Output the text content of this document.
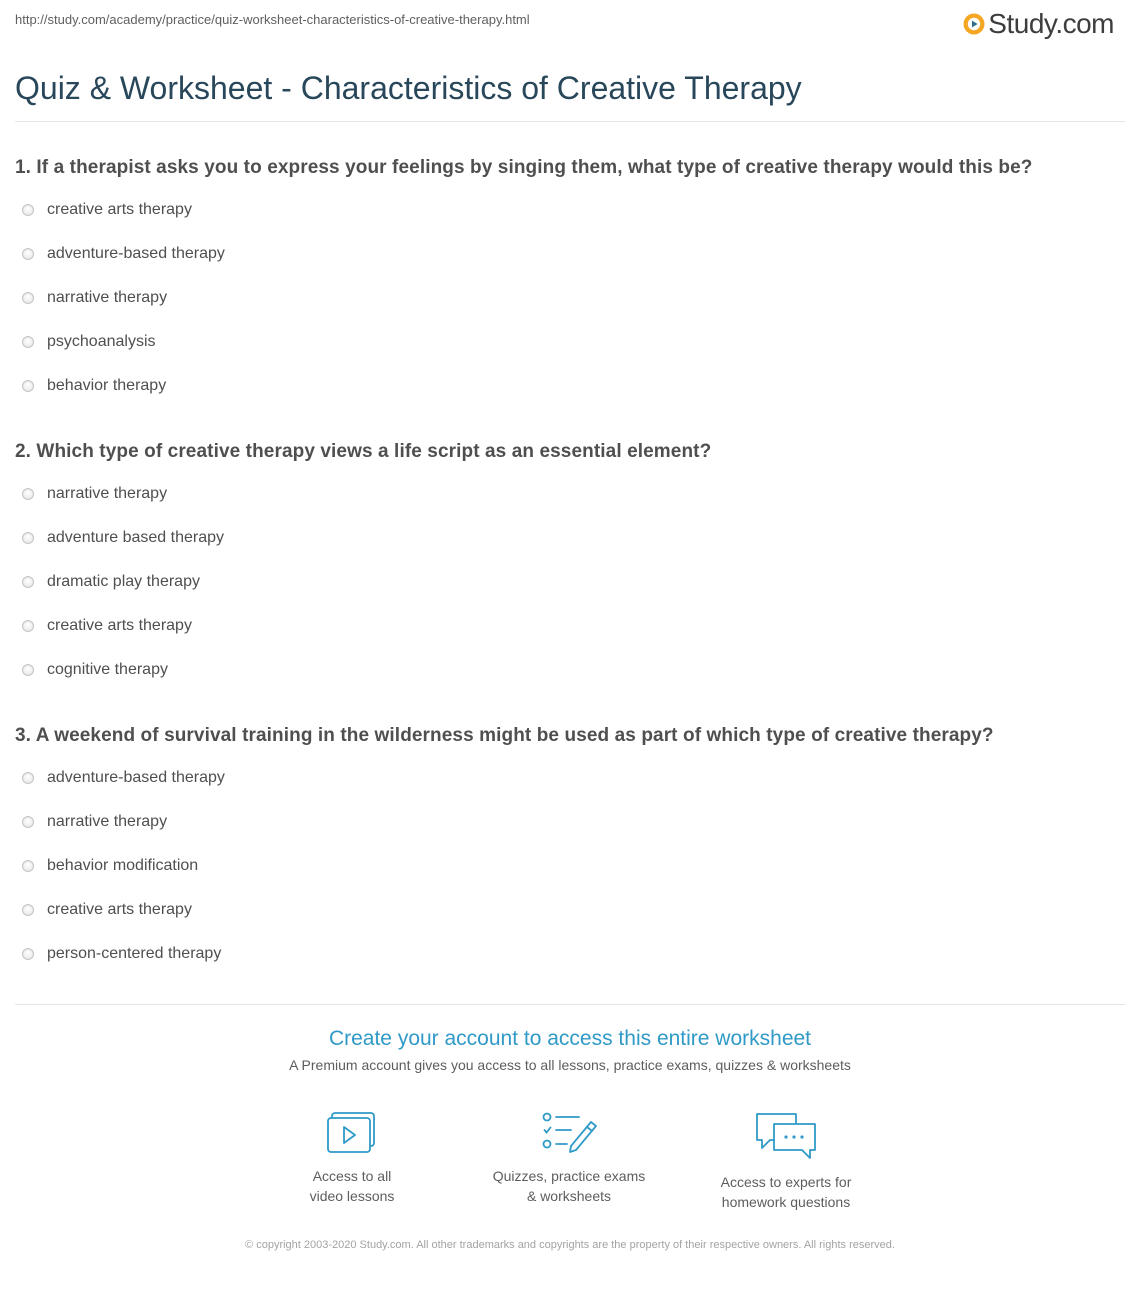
http://study.com/academy/practice/quiz-worksheet-characteristics-of-creative-therapy.html	Study.com
Quiz & Worksheet - Characteristics of Creative Therapy
1. If a therapist asks you to express your feelings by singing them, what type of creative therapy would this be?
creative arts therapy
adventure-based therapy
narrative therapy
psychoanalysis
behavior therapy
2. Which type of creative therapy views a life script as an essential element?
narrative therapy
adventure based therapy
dramatic play therapy
creative arts therapy
cognitive therapy
3. A weekend of survival training in the wilderness might be used as part of which type of creative therapy?
adventure-based therapy
narrative therapy
behavior modification
creative arts therapy
person-centered therapy
Create your account to access this entire worksheet
A Premium account gives you access to all lessons, practice exams, quizzes & worksheets
Access to all
video lessons
Quizzes, practice exams
& worksheets
Access to experts for
homework questions
© copyright 2003-2020 Study.com. All other trademarks and copyrights are the property of their respective owners. All rights reserved.
